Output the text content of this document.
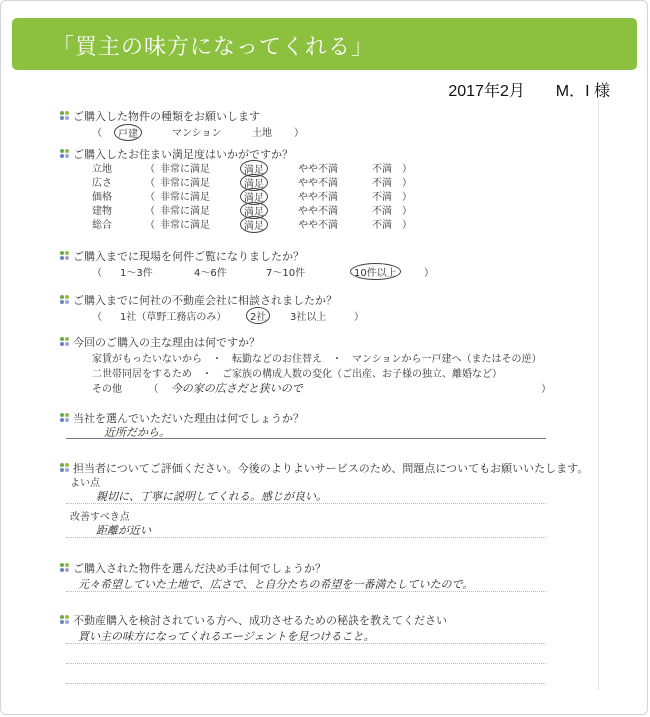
「買主の味方になってくれる」
2017年2月 M．I 様
ご購入した物件の種類をお願いします
（	戸建	マンション	土地 ）
ご購入したお住まい満足度はいかがですか？
立地	（ 非常に満足	満足	やや不満	不満 ）
広さ	（ 非常に満足	満足	やや不満	不満 ）
価格	（ 非常に満足	満足	やや不満	不満 ）
建物	（ 非常に満足	満足	やや不満	不満 ）
総合	（ 非常に満足	満足	やや不満	不満 ）
ご購入までに現場を何件ご覧になりましたか？
（ 1～3件	4～6件	7～10件	10件以上	）
ご購入までに何社の不動産会社に相談されましたか？
（ 1社（草野工務店のみ）	2社	3社以上	）
今回のご購入の主な理由は何ですか？
家賃がもったいないから　 ・　 転勤などのお住替え　 ・　 マンションから一戸建へ（またはその逆）
二世帯同居をするため　 ・　 ご家族の構成人数の変化（ご出産、お子様の独立、離婚など）
その他	（ 今の家の広さだと狭いので	）
当社を選んでいただいた理由は何でしょうか？
近所だから。
担当者についてご評価ください。今後のよりよいサービスのため、問題点についてもお願いいたします。
よい点
親切に、丁寧に説明してくれる。感じが良い。
改善すべき点
距離が近い
ご購入された物件を選んだ決め手は何でしょうか？
元々希望していた土地で、広さで、と自分たちの希望を一番満たしていたので。
不動産購入を検討されている方へ、成功させるための秘訣を教えてください
買い主の味方になってくれるエージェントを見つけること。
